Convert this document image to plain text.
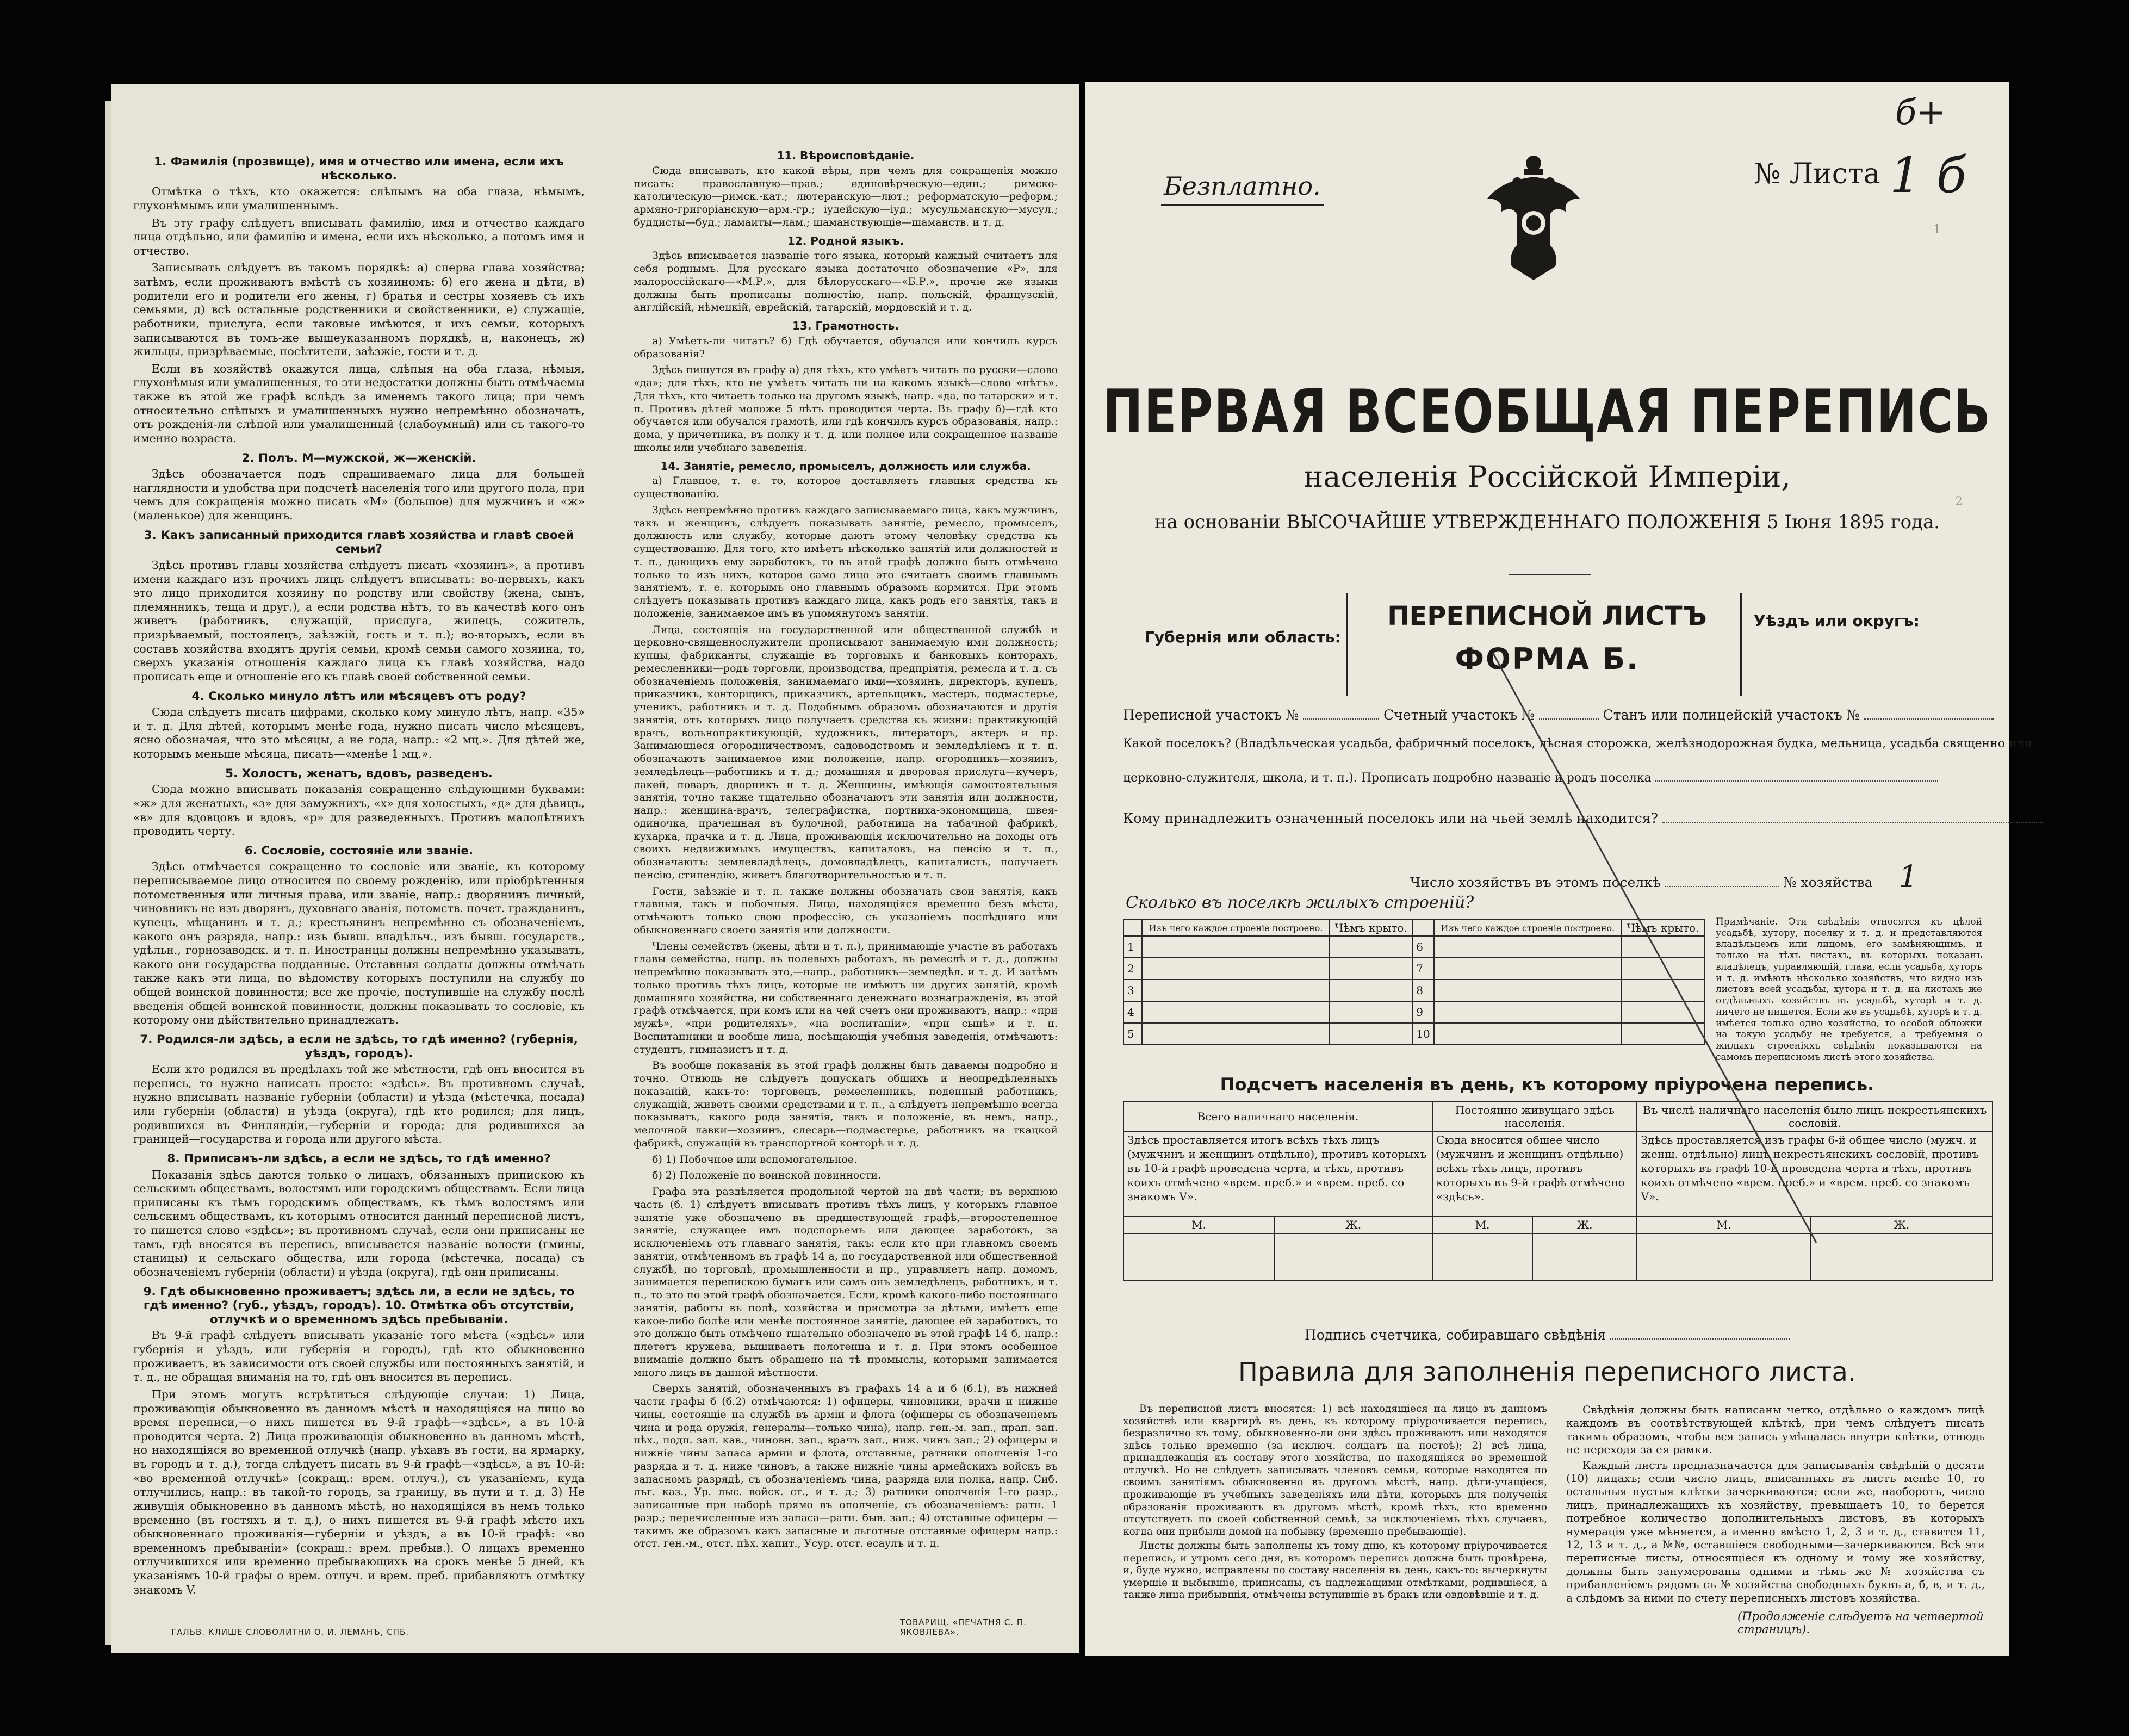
1. Фамилія (прозвище), имя и отчество или имена, если ихъ нѣсколько.

Отмѣтка о тѣхъ, кто окажется: слѣпымъ на оба глаза, нѣмымъ, глухонѣмымъ или умалишеннымъ.

Въ эту графу слѣдуетъ вписывать фамилію, имя и отчество каждаго лица отдѣльно, или фамилію и имена, если ихъ нѣсколько, а потомъ имя и отчество.

Записывать слѣдуетъ въ такомъ порядкѣ: а) сперва глава хозяйства; затѣмъ, если проживаютъ вмѣстѣ съ хозяиномъ: б) его жена и дѣти, в) родители его и родители его жены, г) братья и сестры хозяевъ съ ихъ семьями, д) всѣ остальные родственники и свойственники, е) служащіе, работники, прислуга, если таковые имѣются, и ихъ семьи, которыхъ записываются въ томъ-же вышеуказанномъ порядкѣ, и, наконецъ, ж) жильцы, призрѣваемые, посѣтители, заѣзжіе, гости и т. д.

Если въ хозяйствѣ окажутся лица, слѣпыя на оба глаза, нѣмыя, глухонѣмыя или умалишенныя, то эти недостатки должны быть отмѣчаемы также въ этой же графѣ вслѣдъ за именемъ такого лица; при чемъ относительно слѣпыхъ и умалишенныхъ нужно непремѣнно обозначать, отъ рожденія-ли слѣпой или умалишенный (слабоумный) или съ такого-то именно возраста.

2. Полъ. М—мужской, ж—женскій.

Здѣсь обозначается подъ спрашиваемаго лица для большей наглядности и удобства при подсчетѣ населенія того или другого пола, при чемъ для сокращенія можно писать «М» (большое) для мужчинъ и «ж» (маленькое) для женщинъ.

3. Какъ записанный приходится главѣ хозяйства и главѣ своей семьи?

Здѣсь противъ главы хозяйства слѣдуетъ писать «хозяинъ», а противъ имени каждаго изъ прочихъ лицъ слѣдуетъ вписывать: во-первыхъ, какъ это лицо приходится хозяину по родству или свойству (жена, сынъ, племянникъ, теща и друг.), а если родства нѣтъ, то въ качествѣ кого онъ живетъ (работникъ, служащій, прислуга, жилецъ, сожитель, призрѣваемый, постоялецъ, заѣзжій, гость и т. п.); во-вторыхъ, если въ составъ хозяйства входятъ другія семьи, кромѣ семьи самого хозяина, то, сверхъ указанія отношенія каждаго лица къ главѣ хозяйства, надо прописать еще и отношеніе его къ главѣ своей собственной семьи.

4. Сколько минуло лѣтъ или мѣсяцевъ отъ роду?

Сюда слѣдуетъ писать цифрами, сколько кому минуло лѣтъ, напр. «35» и т. д. Для дѣтей, которымъ менѣе года, нужно писать число мѣсяцевъ, ясно обозначая, что это мѣсяцы, а не года, напр.: «2 мц.». Для дѣтей же, которымъ меньше мѣсяца, писать—«менѣе 1 мц.».

5. Холостъ, женатъ, вдовъ, разведенъ.

Сюда можно вписывать показанія сокращенно слѣдующими буквами: «ж» для женатыхъ, «з» для замужнихъ, «х» для холостыхъ, «д» для дѣвицъ, «в» для вдовцовъ и вдовъ, «р» для разведенныхъ. Противъ малолѣтнихъ проводить черту.

6. Сословіе, состояніе или званіе.

Здѣсь отмѣчается сокращенно то сословіе или званіе, къ которому переписываемое лицо относится по своему рожденію, или пріобрѣтенныя потомственныя или личныя права, или званіе, напр.: дворянинъ личный, чиновникъ не изъ дворянъ, духовнаго званія, потомств. почет. гражданинъ, купецъ, мѣщанинъ и т. д.; крестьянинъ непремѣнно съ обозначеніемъ, какого онъ разряда, напр.: изъ бывш. владѣльч., изъ бывш. государств., удѣльн., горнозаводск. и т. п. Иностранцы должны непремѣнно указывать, какого они государства подданные. Отставныя солдаты должны отмѣчать также какъ эти лица, по вѣдомству которыхъ поступили на службу по общей воинской повинности; все же прочіе, поступившіе на службу послѣ введенія общей воинской повинности, должны показывать то сословіе, къ которому они дѣйствительно принадлежатъ.

7. Родился-ли здѣсь, а если не здѣсь, то гдѣ именно? (губернія, уѣздъ, городъ).

Если кто родился въ предѣлахъ той же мѣстности, гдѣ онъ вносится въ перепись, то нужно написать просто: «здѣсь». Въ противномъ случаѣ, нужно вписывать названіе губерніи (области) и уѣзда (мѣстечка, посада) или губерніи (области) и уѣзда (округа), гдѣ кто родился; для лицъ, родившихся въ Финляндіи,—губерніи и города; для родившихся за границей—государства и города или другого мѣста.

8. Приписанъ-ли здѣсь, а если не здѣсь, то гдѣ именно?

Показанія здѣсь даются только о лицахъ, обязанныхъ припискою къ сельскимъ обществамъ, волостямъ или городскимъ обществамъ. Если лица приписаны къ тѣмъ городскимъ обществамъ, къ тѣмъ волостямъ или сельскимъ обществамъ, къ которымъ относится данный переписной листъ, то пишется слово «здѣсь»; въ противномъ случаѣ, если они приписаны не тамъ, гдѣ вносятся въ перепись, вписывается названіе волости (гмины, станицы) и сельскаго общества, или города (мѣстечка, посада) съ обозначеніемъ губерніи (области) и уѣзда (округа), гдѣ они приписаны.

9. Гдѣ обыкновенно проживаетъ; здѣсь ли, а если не здѣсь, то гдѣ именно? (губ., уѣздъ, городъ). 10. Отмѣтка объ отсутствіи, отлучкѣ и о временномъ здѣсь пребываніи.

Въ 9-й графѣ слѣдуетъ вписывать указаніе того мѣста («здѣсь» или губернія и уѣздъ, или губернія и городъ), гдѣ кто обыкновенно проживаетъ, въ зависимости отъ своей службы или постоянныхъ занятій, и т. д., не обращая вниманія на то, гдѣ онъ вносится въ перепись.

При этомъ могутъ встрѣтиться слѣдующіе случаи: 1) Лица, проживающія обыкновенно въ данномъ мѣстѣ и находящіяся на лицо во время переписи,—о нихъ пишется въ 9-й графѣ—«здѣсь», а въ 10-й проводится черта. 2) Лица проживающія обыкновенно въ данномъ мѣстѣ, но находящіяся во временной отлучкѣ (напр. уѣхавъ въ гости, на ярмарку, въ городъ и т. д.), тогда слѣдуетъ писать въ 9-й графѣ—«здѣсь», а въ 10-й: «во временной отлучкѣ» (сокращ.: врем. отлуч.), съ указаніемъ, куда отлучились, напр.: въ такой-то городъ, за границу, въ пути и т. д. 3) Не живущія обыкновенно въ данномъ мѣстѣ, но находящіяся въ немъ только временно (въ гостяхъ и т. д.), о нихъ пишется въ 9-й графѣ мѣсто ихъ обыкновеннаго проживанія—губерніи и уѣздъ, а въ 10-й графѣ: «во временномъ пребываніи» (сокращ.: врем. пребыв.). О лицахъ временно отлучившихся или временно пребывающихъ на срокъ менѣе 5 дней, къ указаніямъ 10-й графы о врем. отлуч. и врем. преб. прибавляютъ отмѣтку знакомъ V.

11. Вѣроисповѣданіе.

Сюда вписывать, кто какой вѣры, при чемъ для сокращенія можно писать: православную—прав.; единовѣрческую—един.; римско-католическую—римск.-кат.; лютеранскую—лют.; реформатскую—реформ.; армяно-григоріанскую—арм.-гр.; іудейскую—іуд.; мусульманскую—мусул.; буддисты—буд.; ламаиты—лам.; шаманствующіе—шаманств. и т. д.

12. Родной языкъ.

Здѣсь вписывается названіе того языка, который каждый считаетъ для себя роднымъ. Для русскаго языка достаточно обозначение «Р», для малороссійскаго—«М.Р.», для бѣлорусскаго—«Б.Р.», прочіе же языки должны быть прописаны полностію, напр. польскій, французскій, англійскій, нѣмецкій, еврейскій, татарскій, мордовскій и т. д.

13. Грамотность.

а) Умѣетъ-ли читать? б) Гдѣ обучается, обучался или кончилъ курсъ образованія?

Здѣсь пишутся въ графу а) для тѣхъ, кто умѣетъ читать по русски—слово «да»; для тѣхъ, кто не умѣетъ читать ни на какомъ языкѣ—слово «нѣтъ». Для тѣхъ, кто читаетъ только на другомъ языкѣ, напр. «да, по татарски» и т. п. Противъ дѣтей моложе 5 лѣтъ проводится черта. Въ графу б)—гдѣ кто обучается или обучался грамотѣ, или гдѣ кончилъ курсъ образованія, напр.: дома, у причетника, въ полку и т. д. или полное или сокращенное названіе школы или учебнаго заведенія.

14. Занятіе, ремесло, промыселъ, должность или служба.

а) Главное, т. е. то, которое доставляетъ главныя средства къ существованію.

Здѣсь непремѣнно противъ каждаго записываемаго лица, какъ мужчинъ, такъ и женщинъ, слѣдуетъ показывать занятіе, ремесло, промыселъ, должность или службу, которые даютъ этому человѣку средства къ существованію. Для того, кто имѣетъ нѣсколько занятій или должностей и т. п., дающихъ ему заработокъ, то въ этой графѣ должно быть отмѣчено только то изъ нихъ, которое само лицо это считаетъ своимъ главнымъ занятіемъ, т. е. которымъ оно главнымъ образомъ кормится. При этомъ слѣдуетъ показывать противъ каждаго лица, какъ родъ его занятія, такъ и положеніе, занимаемое имъ въ упомянутомъ занятіи.

Лица, состоящія на государственной или общественной службѣ и церковно-священнослужители прописывают занимаемую ими должность; купцы, фабриканты, служащіе въ торговыхъ и банковыхъ конторахъ, ремесленники—родъ торговли, производства, предпріятія, ремесла и т. д. съ обозначеніемъ положенія, занимаемаго ими—хозяинъ, директоръ, купецъ, приказчикъ, конторщикъ, приказчикъ, артельщикъ, мастеръ, подмастерье, ученикъ, работникъ и т. д. Подобнымъ образомъ обозначаются и другія занятія, отъ которыхъ лицо получаетъ средства къ жизни: практикующій врачъ, вольнопрактикующій, художникъ, литераторъ, актеръ и пр. Занимающіеся огородничествомъ, садоводствомъ и земледѣліемъ и т. п. обозначаютъ занимаемое ими положеніе, напр. огородникъ—хозяинъ, земледѣлецъ—работникъ и т. д.; домашняя и дворовая прислуга—кучеръ, лакей, поваръ, дворникъ и т. д. Женщины, имѣющія самостоятельныя занятія, точно также тщательно обозначаютъ эти занятія или должности, напр.: женщина-врачъ, телеграфистка, портниха-экономщица, швея-одиночка, прачешная въ булочной, работница на табачной фабрикѣ, кухарка, прачка и т. д. Лица, проживающія исключительно на доходы отъ своихъ недвижимыхъ имуществъ, капиталовъ, на пенсію и т. п., обозначаютъ: землевладѣлецъ, домовладѣлецъ, капиталистъ, получаетъ пенсію, стипендію, живетъ благотворительностью и т. п.

Гости, заѣзжіе и т. п. также должны обозначать свои занятія, какъ главныя, такъ и побочныя. Лица, находящіяся временно безъ мѣста, отмѣчаютъ только свою профессію, съ указаніемъ послѣдняго или обыкновеннаго своего занятія или должности.

Члены семействъ (жены, дѣти и т. п.), принимающіе участіе въ работахъ главы семейства, напр. въ полевыхъ работахъ, въ ремеслѣ и т. д., должны непремѣнно показывать это,—напр., работникъ—земледѣл. и т. д. И затѣмъ только противъ тѣхъ лицъ, которые не имѣютъ ни других занятій, кромѣ домашняго хозяйства, ни собственнаго денежнаго вознагражденія, въ этой графѣ отмѣчается, при комъ или на чей счетъ они проживаютъ, напр.: «при мужѣ», «при родителяхъ», «на воспитаніи», «при сынѣ» и т. п. Воспитанники и вообще лица, посѣщающія учебныя заведенія, отмѣчаютъ: студентъ, гимназистъ и т. д.

Въ вообще показанія въ этой графѣ должны быть даваемы подробно и точно. Отнюдь не слѣдуетъ допускать общихъ и неопредѣленныхъ показаній, какъ-то: торговецъ, ремесленникъ, поденный работникъ, служащій, живетъ своими средствами и т. п., а слѣдуетъ непремѣнно всегда показывать, какого рода занятія, такъ и положеніе, въ немъ, напр., мелочной лавки—хозяинъ, слесарь—подмастерье, работникъ на ткацкой фабрикѣ, служащій въ транспортной конторѣ и т. д.

б) 1) Побочное или вспомогательное.

б) 2) Положеніе по воинской повинности.

Графа эта раздѣляется продольной чертой на двѣ части; въ верхнюю часть (б. 1) слѣдуетъ вписывать противъ тѣхъ лицъ, у которыхъ главное занятіе уже обозначено въ предшествующей графѣ,—второстепенное занятіе, служащее имъ подспорьемъ или дающее заработокъ, за исключеніемъ отъ главнаго занятія, такъ: если кто при главномъ своемъ занятіи, отмѣченномъ въ графѣ 14 а, по государственной или общественной службѣ, по торговлѣ, промышленности и пр., управляетъ напр. домомъ, занимается перепискою бумагъ или самъ онъ земледѣлецъ, работникъ, и т. п., то это по этой графѣ обозначается. Если, кромѣ какого-либо постояннаго занятія, работы въ полѣ, хозяйства и присмотра за дѣтьми, имѣетъ еще какое-либо болѣе или менѣе постоянное занятіе, дающее ей заработокъ, то это должно быть отмѣчено тщательно обозначено въ этой графѣ 14 б, напр.: плететъ кружева, вышиваетъ полотенца и т. д. При этомъ особенное вниманіе должно быть обращено на тѣ промыслы, которыми занимается много лицъ въ данной мѣстности.

Сверхъ занятій, обозначенныхъ въ графахъ 14 а и б (б.1), въ нижней части графы б (б.2) отмѣчаются: 1) офицеры, чиновники, врачи и нижніе чины, состоящіе на службѣ въ арміи и флота (офицеры съ обозначеніемъ чина и рода оружія, генералы—только чина), напр. ген.-м. зап., прап. зап. пѣх., подп. зап. кав., чиновн. зап., врачъ зап., ниж. чинъ зап.; 2) офицеры и нижніе чины запаса армии и флота, отставные, ратники ополченія 1-го разряда и т. д. ниже чиновъ, а также нижніе чины армейскихъ войскъ въ запасномъ разрядѣ, съ обозначеніемъ чина, разряда или полка, напр. Сиб. лъг. каз., Ур. лыс. войск. ст., и т. д.; 3) ратники ополченія 1-го разр., записанные при наборѣ прямо въ ополченіе, съ обозначеніемъ: ратн. 1 разр.; перечисленные изъ запаса—ратн. быв. зап.; 4) отставные офицеры — такимъ же образомъ какъ запасные и льготные отставные офицеры напр.: отст. ген.-м., отст. пѣх. капит., Усур. отст. есаулъ и т. д.

ГАЛЬВ. КЛИШЕ СЛОВОЛИТНИ О. И. ЛЕМАНЪ, СПБ.
ТОВАРИЩ. «ПЕЧАТНЯ С. П. ЯКОВЛЕВА».
1
2
Безплатно.	№ Листа 1 б
б+
ПЕРВАЯ ВСЕОБЩАЯ ПЕРЕПИСЬ
населенія Россійской Имперіи,
на основаніи ВЫСОЧАЙШЕ УТВЕРЖДЕННАГО ПОЛОЖЕНІЯ 5 Іюня 1895 года.
ПЕРЕПИСНОЙ ЛИСТЪ
ФОРМА Б.
Губернія или область:
Уѣздъ или округъ:
Переписной участокъ №	Счетный участокъ №	Станъ или полицейскій участокъ №
Какой поселокъ? (Владѣльческая усадьба, фабричный поселокъ, лѣсная сторожка, желѣзнодорожная будка, мельница, усадьба священно или
церковно-служителя, школа, и т. п.). Прописать подробно названіе и родъ поселка
Кому принадлежитъ означенный поселокъ или на чьей землѣ находится?
Число хозяйствъ въ этомъ поселкѣ	№ хозяйства 1
Сколько въ поселкѣ жилыхъ строеній?
	Изъ чего каждое строеніе построено.	Чѣмъ крыто.		Изъ чего каждое строеніе построено.	Чѣмъ крыто.
1			6		
2			7		
3			8		
4			9		
5			10		
Примѣчаніе. Эти свѣдѣнія относятся къ цѣлой усадьбѣ, хутору, поселку и т. д. и представляются владѣльцемъ или лицомъ, его замѣняющимъ, и только на тѣхъ листахъ, въ которыхъ показанъ владѣлецъ, управляющій, глава, если усадьба, хуторъ и т. д. имѣютъ нѣсколько хозяйствъ, что видно изъ листовъ всей усадьбы, хутора и т. д. на листахъ же отдѣльныхъ хозяйствъ въ усадьбѣ, хуторѣ и т. д. ничего не пишется. Если же въ усадьбѣ, хуторѣ и т. д. имѣется только одно хозяйство, то особой обложки на такую усадьбу не требуется, а требуемыя о жилыхъ строеніяхъ свѣдѣнія показываются на самомъ переписномъ листѣ этого хозяйства.
Подсчетъ населенія въ день, къ которому пріурочена перепись.
Всего наличнаго населенія.		Постоянно живущаго здѣсь населенія.		Въ числѣ наличнаго населенія было лицъ некрестьянскихъ сословій.	
Здѣсь проставляется итогъ всѣхъ тѣхъ лицъ (мужчинъ и женщинъ отдѣльно), противъ которыхъ въ 10-й графѣ проведена черта, и тѣхъ, противъ коихъ отмѣчено «врем. преб.» и «врем. преб. со знакомъ V».		Сюда вносится общее число (мужчинъ и женщинъ отдѣльно) всѣхъ тѣхъ лицъ, противъ которыхъ въ 9-й графѣ отмѣчено «здѣсь».		Здѣсь проставляется изъ графы 6-й общее число (мужч. и женщ. отдѣльно) лицъ некрестьянскихъ сословій, противъ которыхъ въ графѣ 10-й проведена черта и тѣхъ, противъ коихъ отмѣчено «врем. преб.» и «врем. преб. со знакомъ V».	
М.	Ж.	М.	Ж.	М.	Ж.

Подпись счетчика, собиравшаго свѣдѣнія
Правила для заполненія переписного листа.

Въ переписной листъ вносятся: 1) всѣ находящіеся на лицо въ данномъ хозяйствѣ или квартирѣ въ день, къ которому пріурочивается перепись, безразлично къ тому, обыкновенно-ли они здѣсь проживаютъ или находятся здѣсь только временно (за исключ. солдатъ на постоѣ); 2) всѣ лица, принадлежащія къ составу этого хозяйства, но находящіяся во временной отлучкѣ. Но не слѣдуетъ записывать членовъ семьи, которые находятся по своимъ занятіямъ обыкновенно въ другомъ мѣстѣ, напр. дѣти-учащіеся, проживающіе въ учебныхъ заведеніяхъ или дѣти, которыхъ для полученія образованія проживаютъ въ другомъ мѣстѣ, кромѣ тѣхъ, кто временно отсутствуетъ по своей собственной семьѣ, за исключеніемъ тѣхъ случаевъ, когда они прибыли домой на побывку (временно пребывающіе).

Листы должны быть заполнены къ тому дню, къ которому пріурочивается перепись, и утромъ сего дня, въ которомъ перепись должна быть провѣрена, и, буде нужно, исправлены по составу населенія въ день, какъ-то: вычеркнуты умершіе и выбывшіе, приписаны, съ надлежащими отмѣтками, родившіеся, а также лица прибывшія, отмѣчены вступившіе въ бракъ или овдовѣвшіе и т. д.

Свѣдѣнія должны быть написаны четко, отдѣльно о каждомъ лицѣ каждомъ въ соотвѣтствующей клѣткѣ, при чемъ слѣдуетъ писать такимъ образомъ, чтобы вся запись умѣщалась внутри клѣтки, отнюдь не переходя за ея рамки.

Каждый листъ предназначается для записыванія свѣдѣній о десяти (10) лицахъ; если число лицъ, вписанныхъ въ листъ менѣе 10, то остальныя пустыя клѣтки зачеркиваются; если же, наоборотъ, число лицъ, принадлежащихъ къ хозяйству, превышаетъ 10, то берется потребное количество дополнительныхъ листовъ, въ которыхъ нумерація уже мѣняется, а именно вмѣсто 1, 2, 3 и т. д., ставится 11, 12, 13 и т. д., а №№, оставшіеся свободными—зачеркиваются. Всѣ эти переписные листы, относящіеся къ одному и тому же хозяйству, должны быть занумерованы одними и тѣмъ же № хозяйства съ прибавленіемъ рядомъ съ № хозяйства свободныхъ буквъ а, б, в, и т. д., а слѣдомъ за ними по счету переписныхъ листовъ хозяйства.

(Продолженіе слѣдуетъ на четвертой страницѣ).
